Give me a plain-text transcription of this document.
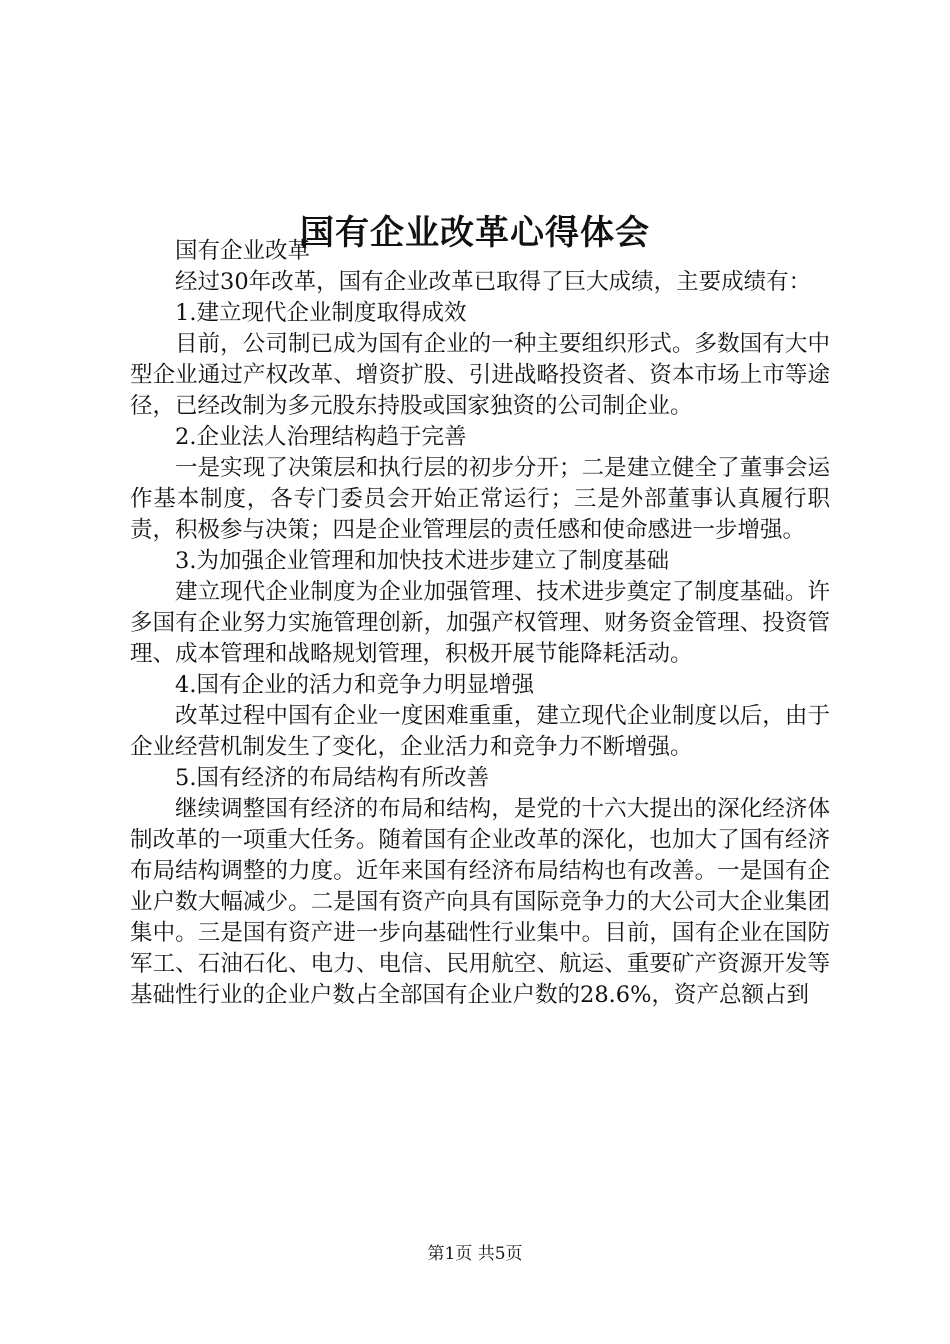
国有企业改革心得体会

国有企业改革

经过30年改革，国有企业改革已取得了巨大成绩，主要成绩有：

1.建立现代企业制度取得成效

目前，公司制已成为国有企业的一种主要组织形式。多数国有大中型企业通过产权改革、增资扩股、引进战略投资者、资本市场上市等途径，已经改制为多元股东持股或国家独资的公司制企业。

2.企业法人治理结构趋于完善

一是实现了决策层和执行层的初步分开；二是建立健全了董事会运作基本制度，各专门委员会开始正常运行；三是外部董事认真履行职责，积极参与决策；四是企业管理层的责任感和使命感进一步增强。

3.为加强企业管理和加快技术进步建立了制度基础

建立现代企业制度为企业加强管理、技术进步奠定了制度基础。许多国有企业努力实施管理创新，加强产权管理、财务资金管理、投资管理、成本管理和战略规划管理，积极开展节能降耗活动。

4.国有企业的活力和竞争力明显增强

改革过程中国有企业一度困难重重，建立现代企业制度以后，由于企业经营机制发生了变化，企业活力和竞争力不断增强。

5.国有经济的布局结构有所改善

继续调整国有经济的布局和结构，是党的十六大提出的深化经济体制改革的一项重大任务。随着国有企业改革的深化，也加大了国有经济布局结构调整的力度。近年来国有经济布局结构也有改善。一是国有企业户数大幅减少。二是国有资产向具有国际竞争力的大公司大企业集团集中。三是国有资产进一步向基础性行业集中。目前，国有企业在国防军工、石油石化、电力、电信、民用航空、航运、重要矿产资源开发等基础性行业的企业户数占全部国有企业户数的28.6%，资产总额占到

第1页 共5页
